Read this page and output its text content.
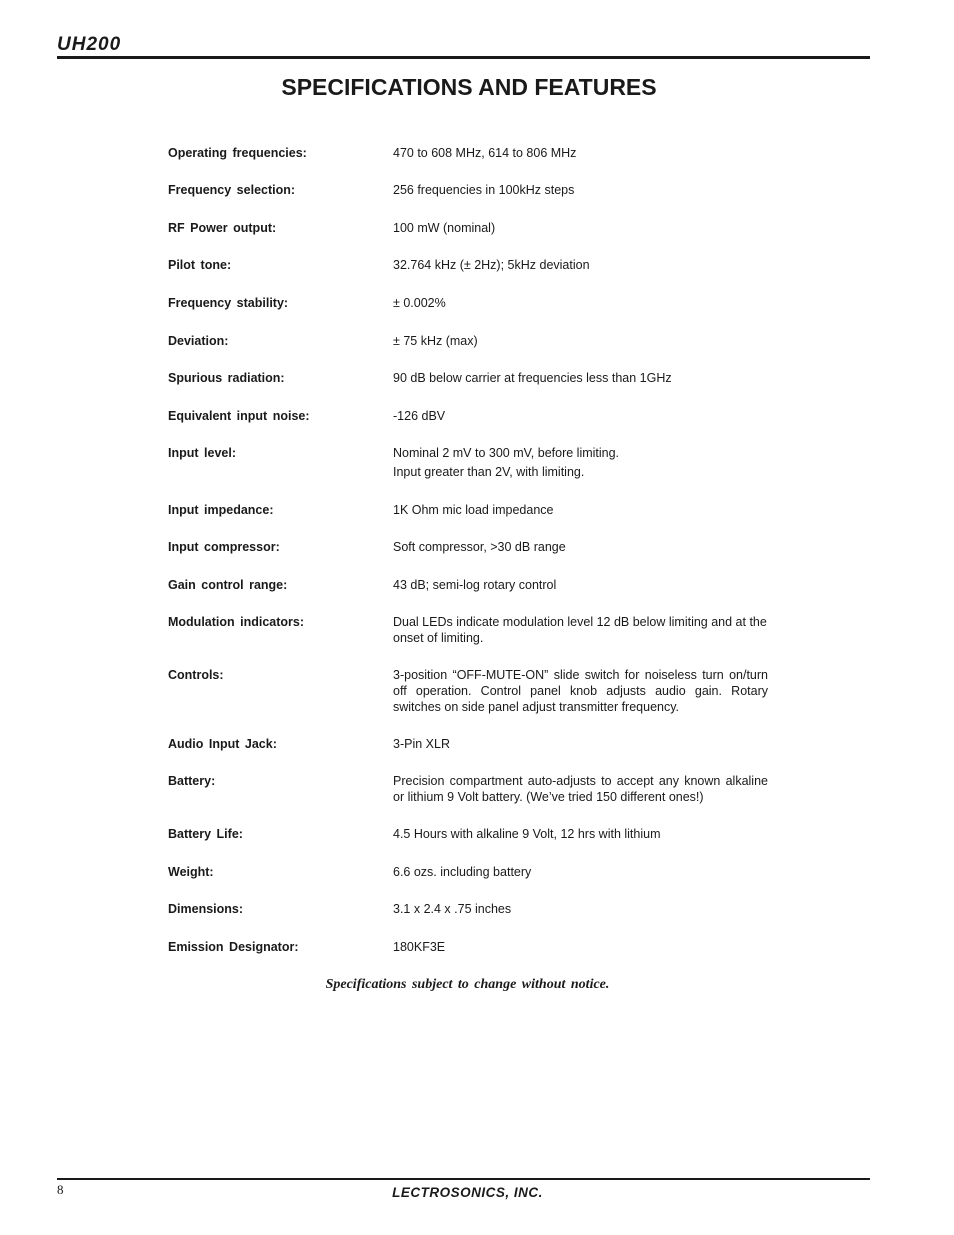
UH200
SPECIFICATIONS AND FEATURES
Operating frequencies:	470 to 608 MHz, 614 to 806 MHz
Frequency selection:	256 frequencies in 100kHz steps
RF Power output:	100 mW (nominal)
Pilot tone:	32.764 kHz (± 2Hz); 5kHz deviation
Frequency stability:	± 0.002%
Deviation:	± 75 kHz (max)
Spurious radiation:	90 dB below carrier at frequencies less than 1GHz
Equivalent input noise:	-126 dBV
Input level:	Nominal 2 mV to 300 mV, before limiting.

Input greater than 2V, with limiting.

Input impedance:	1K Ohm mic load impedance
Input compressor:	Soft compressor, >30 dB range
Gain control range:	43 dB; semi-log rotary control
Modulation indicators:	Dual LEDs indicate modulation level 12 dB below limiting and at the onset of limiting.
Controls:	3-position “OFF-MUTE-ON” slide switch for noiseless turn on/turn off operation. Control panel knob adjusts audio gain. Rotary switches on side panel adjust transmitter frequency.
Audio Input Jack:	3-Pin XLR
Battery:	Precision compartment auto-adjusts to accept any known alkaline or lithium 9 Volt battery. (We’ve tried 150 different ones!)
Battery Life:	4.5 Hours with alkaline 9 Volt, 12 hrs with lithium
Weight:	6.6 ozs. including battery
Dimensions:	3.1 x 2.4 x .75 inches
Emission Designator:	180KF3E
Specifications subject to change without notice.
8	LECTROSONICS, INC.
